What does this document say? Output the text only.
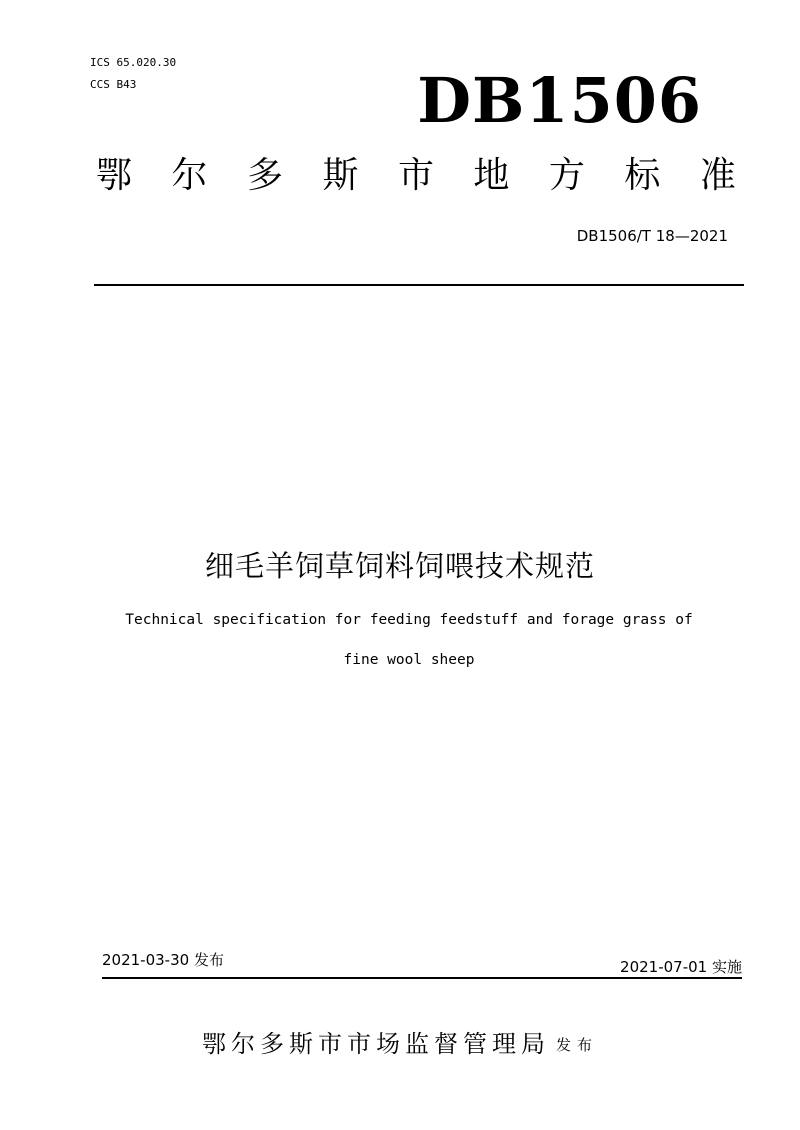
ICS 65.020.30
CCS B43	DB1506
鄂 尔 多 斯 市 地 方 标 准
DB1506/T 18—2021
细毛羊饲草饲料饲喂技术规范
Technical specification for feeding feedstuff and forage grass of
fine wool sheep
2021-03-30 发布	2021-07-01 实施
鄂尔多斯市市场监督管理局 发布
